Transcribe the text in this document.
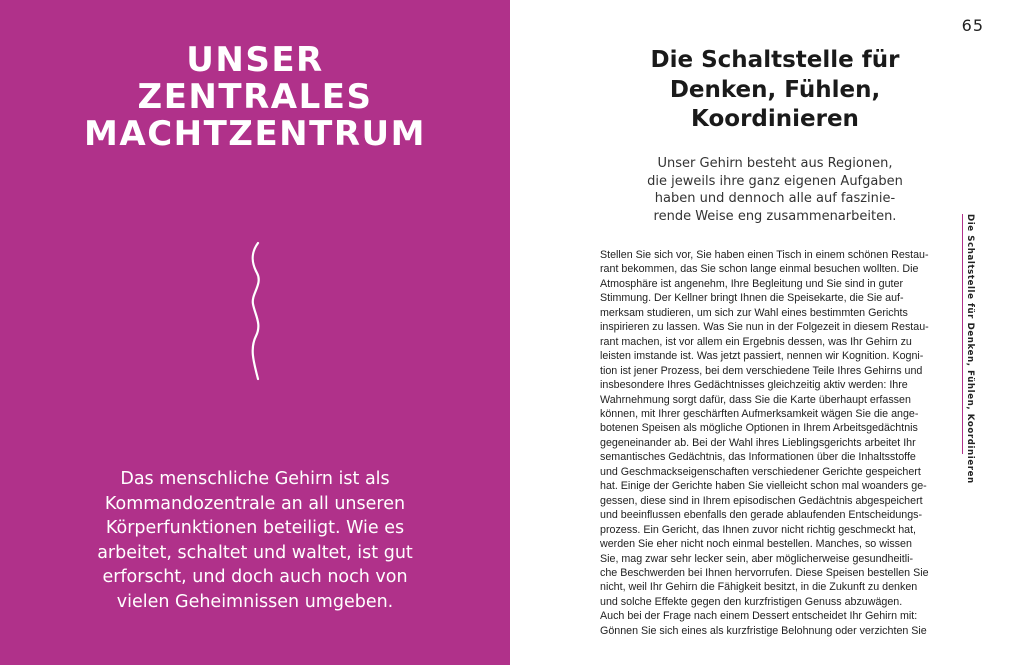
UNSER
ZENTRALES
MACHTZENTRUM

Das menschliche Gehirn ist als Kommandozentrale an all unseren Körperfunktionen beteiligt. Wie es arbeitet, schaltet und waltet, ist gut erforscht, und doch auch noch von vielen Geheimnissen umgeben.

65
Die Schaltstelle für
Denken, Fühlen,
Koordinieren

Unser Gehirn besteht aus Regionen,
die jeweils ihre ganz eigenen Aufgaben
haben und dennoch alle auf faszinie-
rende Weise eng zusammenarbeiten.

Stellen Sie sich vor, Sie haben einen Tisch in einem schönen Restau-
rant bekommen, das Sie schon lange einmal besuchen wollten. Die
Atmosphäre ist angenehm, Ihre Begleitung und Sie sind in guter
Stimmung. Der Kellner bringt Ihnen die Speisekarte, die Sie auf-
merksam studieren, um sich zur Wahl eines bestimmten Gerichts
inspirieren zu lassen. Was Sie nun in der Folgezeit in diesem Restau-
rant machen, ist vor allem ein Ergebnis dessen, was Ihr Gehirn zu
leisten imstande ist. Was jetzt passiert, nennen wir Kognition. Kogni-
tion ist jener Prozess, bei dem verschiedene Teile Ihres Gehirns und
insbesondere Ihres Gedächtnisses gleichzeitig aktiv werden: Ihre
Wahrnehmung sorgt dafür, dass Sie die Karte überhaupt erfassen
können, mit Ihrer geschärften Aufmerksamkeit wägen Sie die ange-
botenen Speisen als mögliche Optionen in Ihrem Arbeitsgedächtnis
gegeneinander ab. Bei der Wahl ihres Lieblingsgerichts arbeitet Ihr
semantisches Gedächtnis, das Informationen über die Inhaltsstoffe
und Geschmackseigenschaften verschiedener Gerichte gespeichert
hat. Einige der Gerichte haben Sie vielleicht schon mal woanders ge-
gessen, diese sind in Ihrem episodischen Gedächtnis abgespeichert
und beeinflussen ebenfalls den gerade ablaufenden Entscheidungs-
prozess. Ein Gericht, das Ihnen zuvor nicht richtig geschmeckt hat,
werden Sie eher nicht noch einmal bestellen. Manches, so wissen
Sie, mag zwar sehr lecker sein, aber möglicherweise gesundheitli-
che Beschwerden bei Ihnen hervorrufen. Diese Speisen bestellen Sie
nicht, weil Ihr Gehirn die Fähigkeit besitzt, in die Zukunft zu denken
und solche Effekte gegen den kurzfristigen Genuss abzuwägen.
Auch bei der Frage nach einem Dessert entscheidet Ihr Gehirn mit:
Gönnen Sie sich eines als kurzfristige Belohnung oder verzichten Sie
Die Schaltstelle für Denken, Fühlen, Koordinieren
